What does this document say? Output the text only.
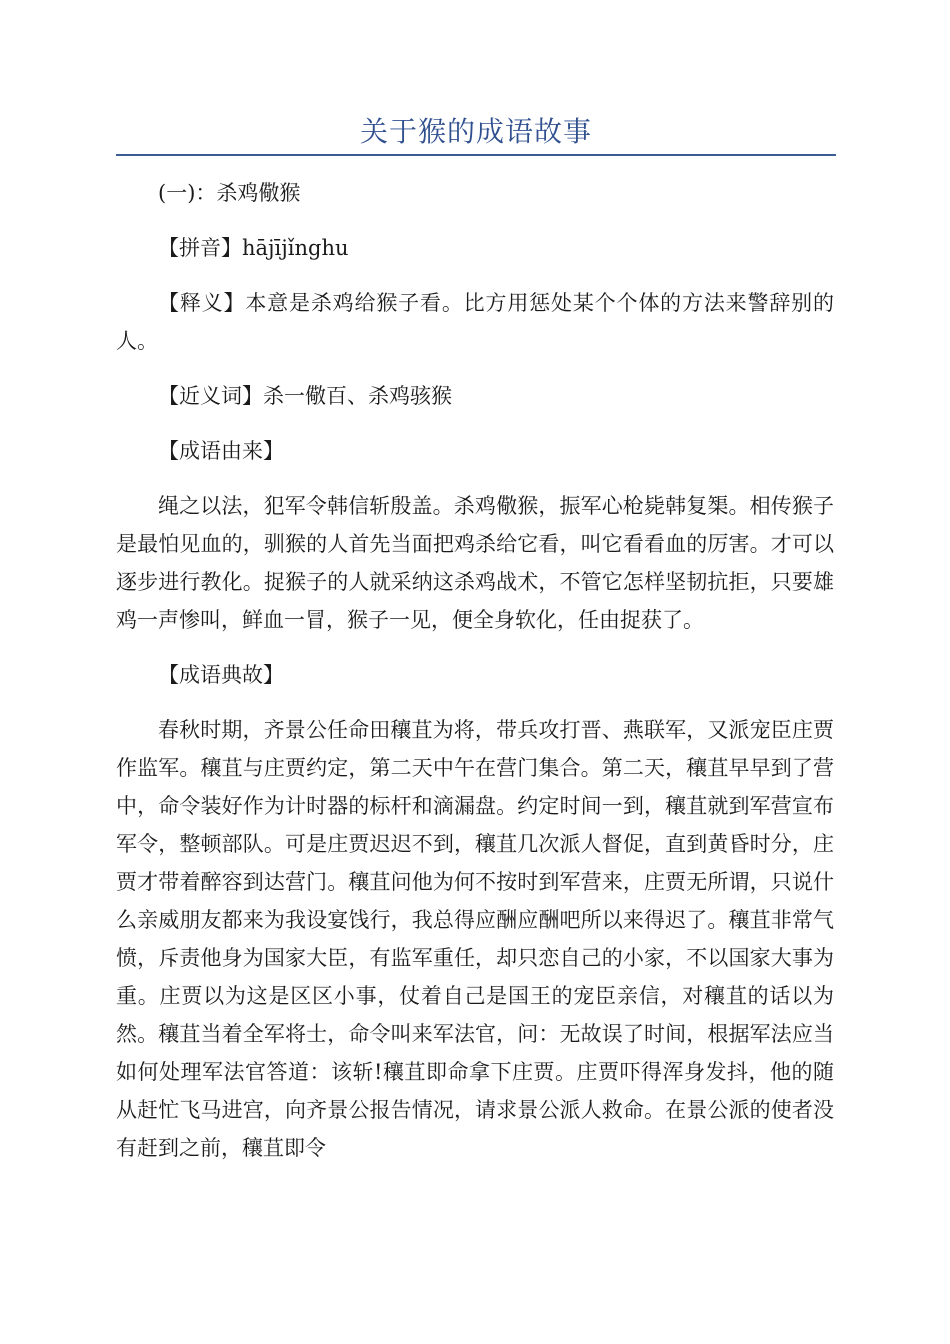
关于猴的成语故事

(一)：杀鸡儆猴

【拼音】hājījǐnghu

【释义】本意是杀鸡给猴子看。比方用惩处某个个体的方法来警辞别的人。

【近义词】杀一儆百、杀鸡骇猴

【成语由来】

绳之以法，犯军令韩信斩殷盖。杀鸡儆猴，振军心枪毙韩复榘。相传猴子是最怕见血的，驯猴的人首先当面把鸡杀给它看，叫它看看血的厉害。才可以逐步进行教化。捉猴子的人就采纳这杀鸡战术，不管它怎样坚韧抗拒，只要雄鸡一声惨叫，鲜血一冒，猴子一见，便全身软化，任由捉获了。

【成语典故】

春秋时期，齐景公任命田穰苴为将，带兵攻打晋、燕联军，又派宠臣庄贾作监军。穰苴与庄贾约定，第二天中午在营门集合。第二天，穰苴早早到了营中，命令装好作为计时器的标杆和滴漏盘。约定时间一到，穰苴就到军营宣布军令，整顿部队。可是庄贾迟迟不到，穰苴几次派人督促，直到黄昏时分，庄贾才带着醉容到达营门。穰苴问他为何不按时到军营来，庄贾无所谓，只说什么亲威朋友都来为我设宴饯行，我总得应酬应酬吧所以来得迟了。穰苴非常气愤，斥责他身为国家大臣，有监军重任，却只恋自己的小家，不以国家大事为重。庄贾以为这是区区小事，仗着自己是国王的宠臣亲信，对穰苴的话以为然。穰苴当着全军将士，命令叫来军法官，问：无故误了时间，根据军法应当如何处理军法官答道：该斩!穰苴即命拿下庄贾。庄贾吓得浑身发抖，他的随从赶忙飞马进宫，向齐景公报告情况，请求景公派人救命。在景公派的使者没有赶到之前，穰苴即令
